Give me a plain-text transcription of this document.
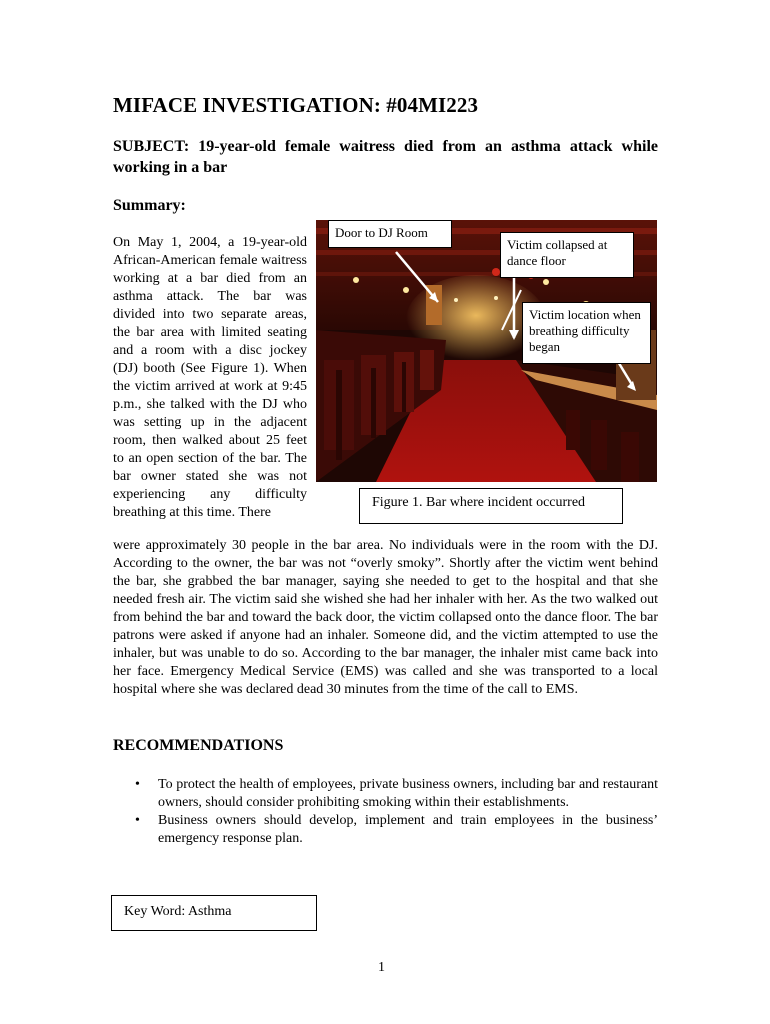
MIFACE INVESTIGATION: #04MI223
SUBJECT: 19-year-old female waitress died from an asthma attack while working in a bar
Summary:

On May 1, 2004, a 19-year-old African-American female waitress working at a bar died from an asthma attack. The bar was divided into two separate areas, the bar area with limited seating and a room with a disc jockey (DJ) booth (See Figure 1). When the victim arrived at work at 9:45 p.m., she talked with the DJ who was setting up in the adjacent room, then walked about 25 feet to an open section of the bar. The bar owner stated she was not experiencing any difficulty breathing at this time. There

Door to DJ Room
Victim collapsed at dance floor
Victim location when breathing difficulty began
Figure 1. Bar where incident occurred

were approximately 30 people in the bar area. No individuals were in the room with the DJ. According to the owner, the bar was not “overly smoky”. Shortly after the victim went behind the bar, she grabbed the bar manager, saying she needed to get to the hospital and that she needed fresh air. The victim said she wished she had her inhaler with her. As the two walked out from behind the bar and toward the back door, the victim collapsed onto the dance floor. The bar patrons were asked if anyone had an inhaler. Someone did, and the victim attempted to use the inhaler, but was unable to do so. According to the bar manager, the inhaler mist came back into her face. Emergency Medical Service (EMS) was called and she was transported to a local hospital where she was declared dead 30 minutes from the time of the call to EMS.

RECOMMENDATIONS
• To protect the health of employees, private business owners, including bar and restaurant owners, should consider prohibiting smoking within their establishments.
• Business owners should develop, implement and train employees in the business’ emergency response plan.
Key Word: Asthma
1
